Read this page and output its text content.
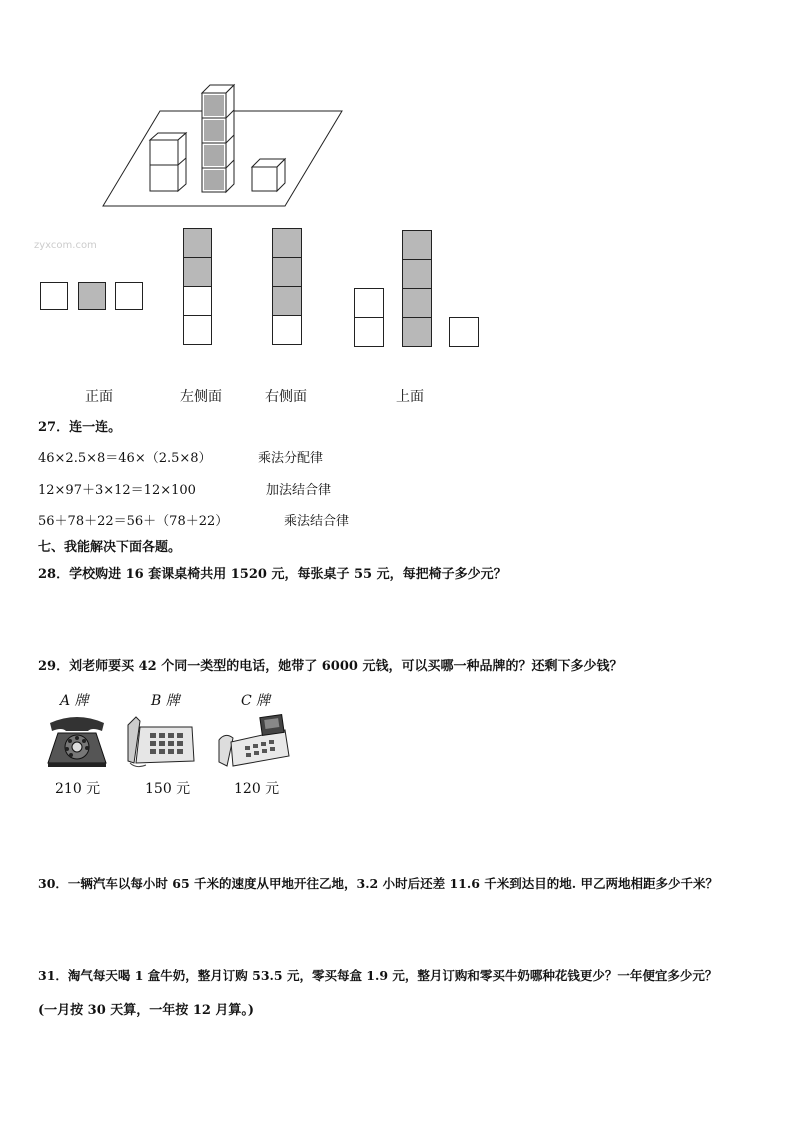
zyxcom.com
正面	左侧面	右侧面	上面
27．连一连。
46×2.5×8＝46×（2.5×8）	乘法分配律
12×97＋3×12＝12×100	加法结合律
56＋78＋22＝56＋（78＋22）	乘法结合律
七、我能解决下面各题。
28．学校购进 16 套课桌椅共用 1520 元，每张桌子 55 元，每把椅子多少元？
29．刘老师要买 42 个同一类型的电话，她带了 6000 元钱，可以买哪一种品牌的？还剩下多少钱？
A 牌	B 牌	C 牌
210 元	150 元	120 元
30．一辆汽车以每小时 65 千米的速度从甲地开往乙地，3.2 小时后还差 11.6 千米到达目的地. 甲乙两地相距多少千米？
31．淘气每天喝 1 盒牛奶，整月订购 53.5 元，零买每盒 1.9 元，整月订购和零买牛奶哪种花钱更少？一年便宜多少元？
(一月按 30 天算，一年按 12 月算。)
